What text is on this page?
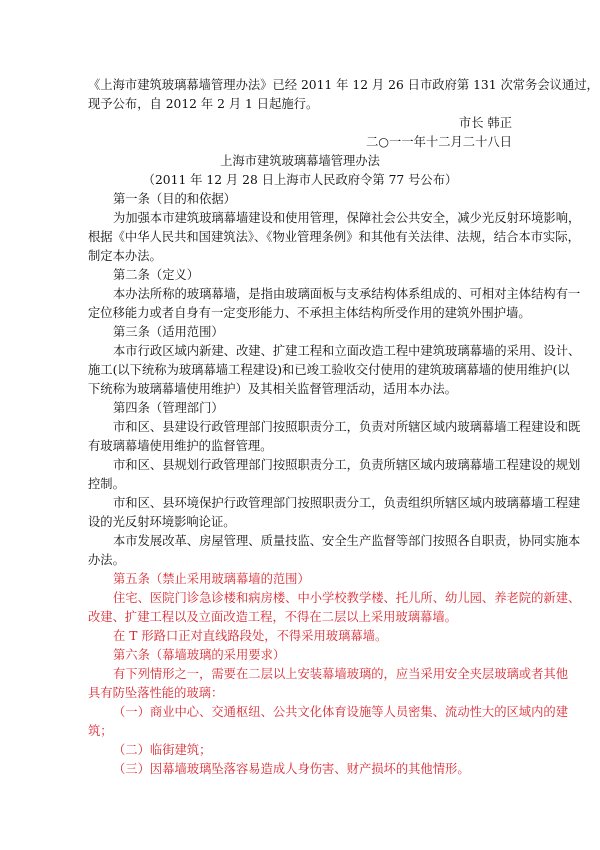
《上海市建筑玻璃幕墙管理办法》已经 2011 年 12 月 26 日市政府第 131 次常务会议通过，
现予公布，自 2012 年 2 月 1 日起施行。
市长 韩正
二○一一年十二月二十八日
上海市建筑玻璃幕墙管理办法
（2011 年 12 月 28 日上海市人民政府令第 77 号公布）
第一条（目的和依据）
为加强本市建筑玻璃幕墙建设和使用管理，保障社会公共安全，减少光反射环境影响，
根据《中华人民共和国建筑法》、《物业管理条例》和其他有关法律、法规，结合本市实际，
制定本办法。
第二条（定义）
本办法所称的玻璃幕墙，是指由玻璃面板与支承结构体系组成的、可相对主体结构有一
定位移能力或者自身有一定变形能力、不承担主体结构所受作用的建筑外围护墙。
第三条（适用范围）
本市行政区域内新建、改建、扩建工程和立面改造工程中建筑玻璃幕墙的采用、设计、
施工(以下统称为玻璃幕墙工程建设)和已竣工验收交付使用的建筑玻璃幕墙的使用维护(以
下统称为玻璃幕墙使用维护）及其相关监督管理活动，适用本办法。
第四条（管理部门）
市和区、县建设行政管理部门按照职责分工，负责对所辖区域内玻璃幕墙工程建设和既
有玻璃幕墙使用维护的监督管理。
市和区、县规划行政管理部门按照职责分工，负责所辖区域内玻璃幕墙工程建设的规划
控制。
市和区、县环境保护行政管理部门按照职责分工，负责组织所辖区域内玻璃幕墙工程建
设的光反射环境影响论证。
本市发展改革、房屋管理、质量技监、安全生产监督等部门按照各自职责，协同实施本
办法。
第五条（禁止采用玻璃幕墙的范围）
住宅、医院门诊急诊楼和病房楼、中小学校教学楼、托儿所、幼儿园、养老院的新建、
改建、扩建工程以及立面改造工程，不得在二层以上采用玻璃幕墙。
在 T 形路口正对直线路段处，不得采用玻璃幕墙。
第六条（幕墙玻璃的采用要求）
有下列情形之一，需要在二层以上安装幕墙玻璃的，应当采用安全夹层玻璃或者其他
具有防坠落性能的玻璃：
（一）商业中心、交通枢纽、公共文化体育设施等人员密集、流动性大的区域内的建
筑；
（二）临街建筑；
（三）因幕墙玻璃坠落容易造成人身伤害、财产损坏的其他情形。
